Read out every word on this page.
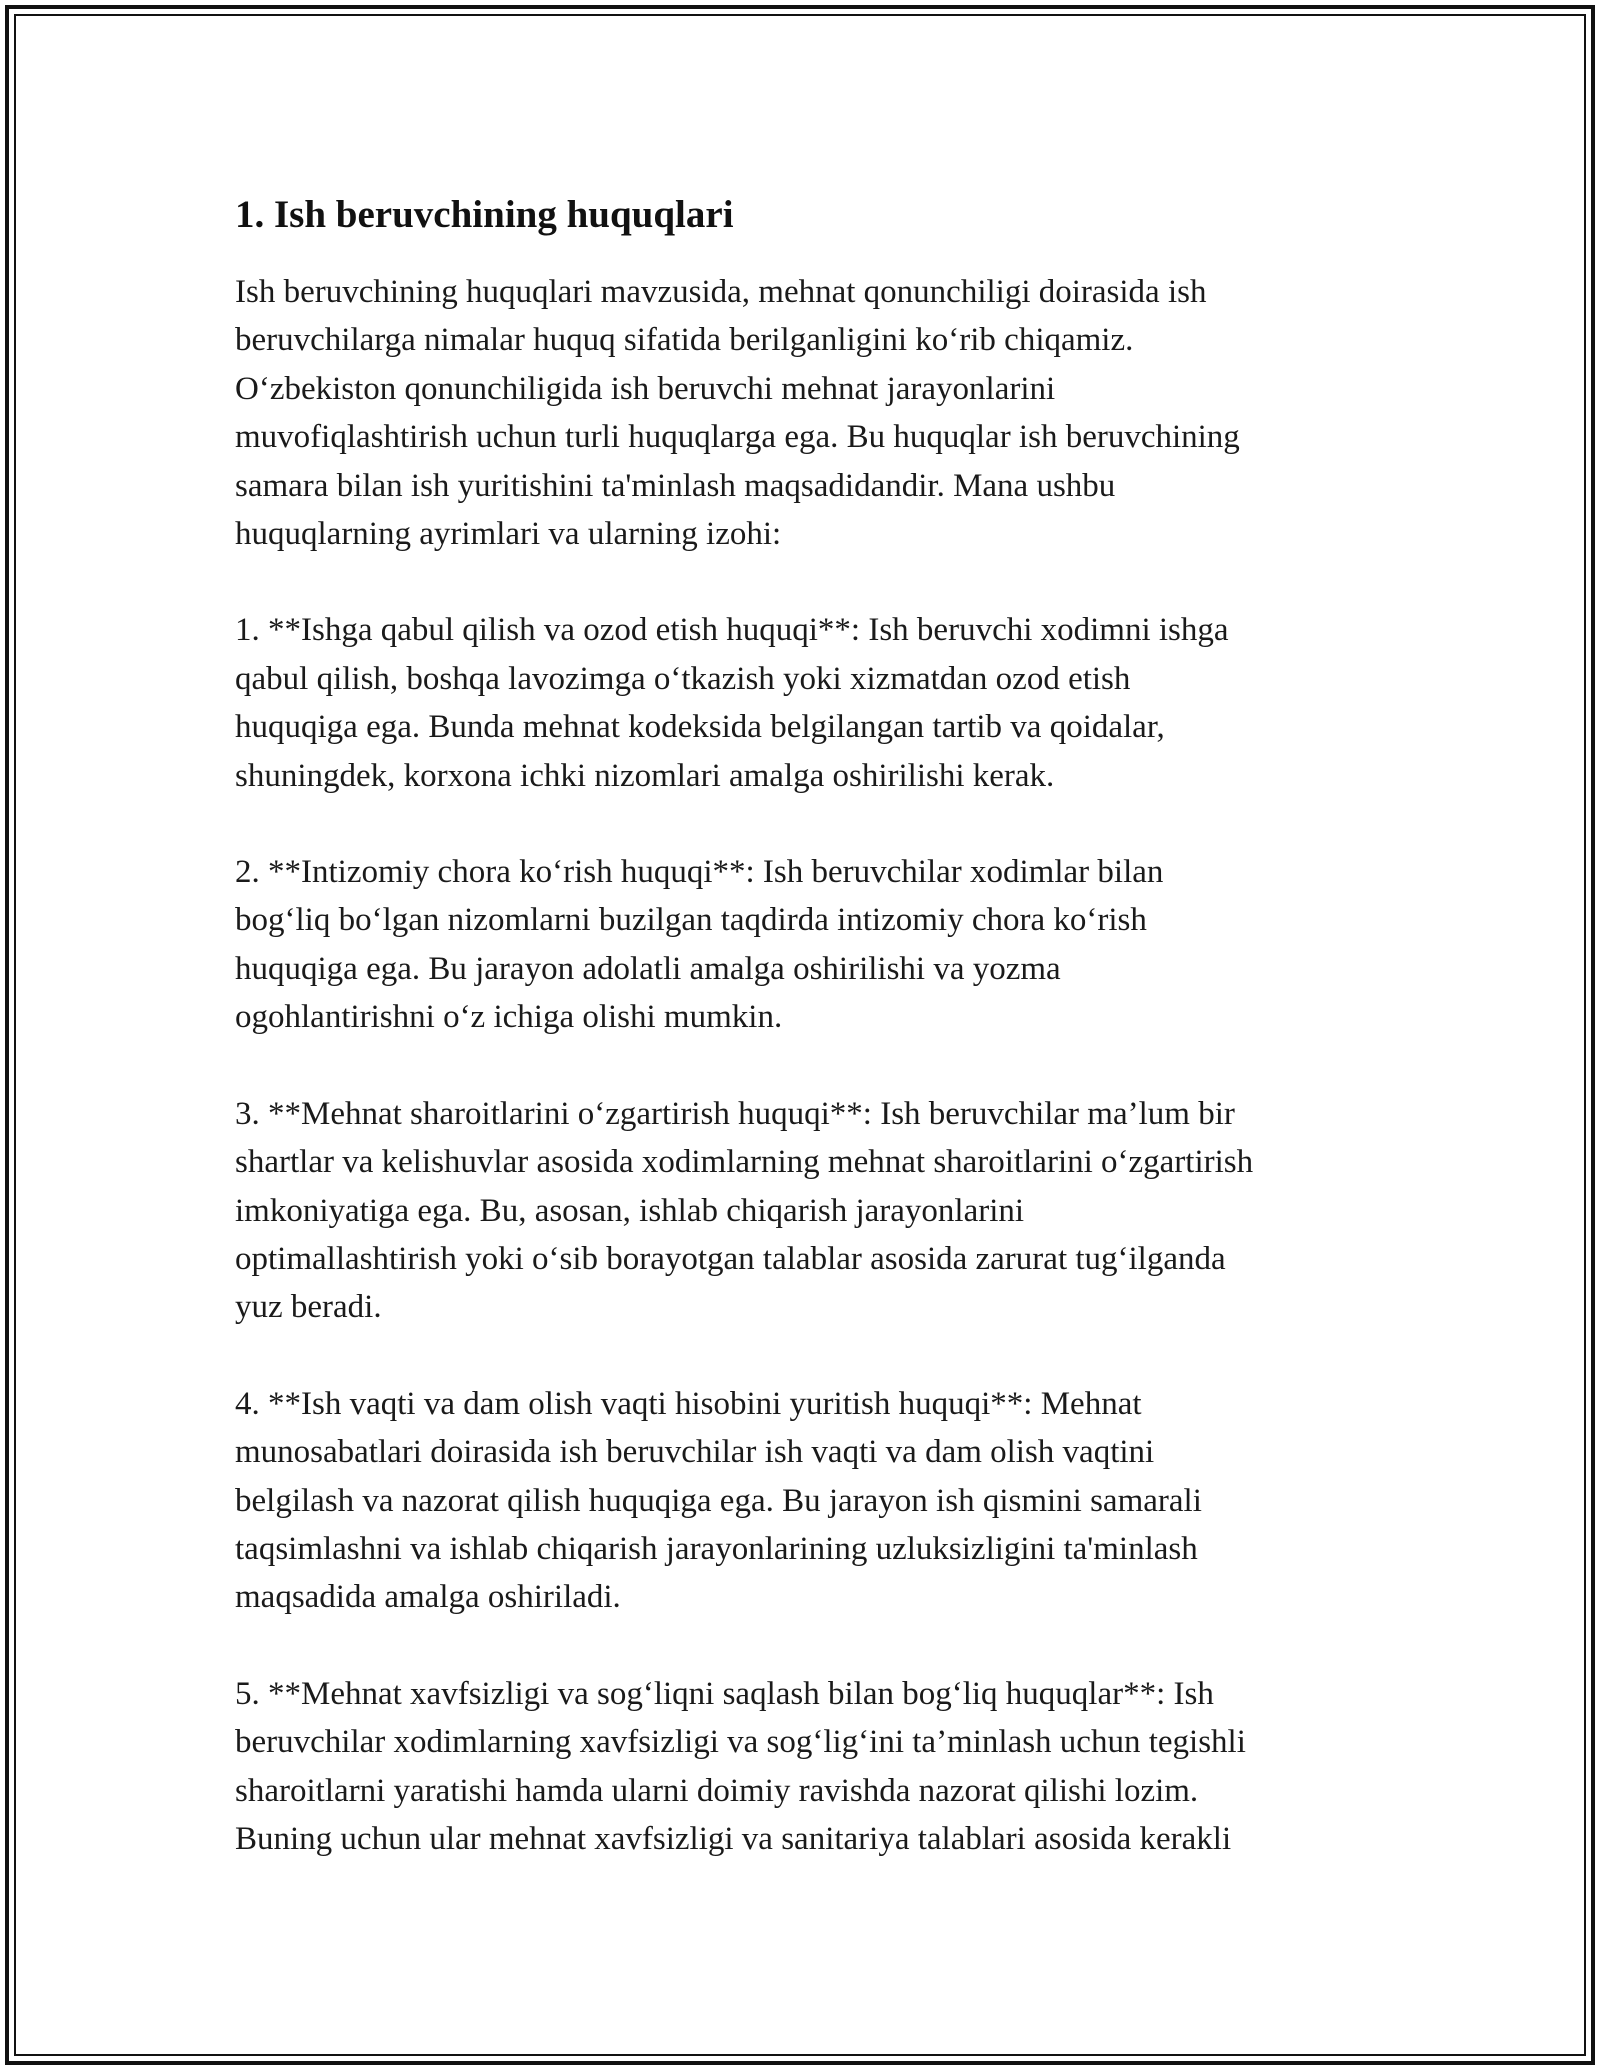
1. Ish beruvchining huquqlari

Ish beruvchining huquqlari mavzusida, mehnat qonunchiligi doirasida ish
beruvchilarga nimalar huquq sifatida berilganligini ko‘rib chiqamiz.
O‘zbekiston qonunchiligida ish beruvchi mehnat jarayonlarini
muvofiqlashtirish uchun turli huquqlarga ega. Bu huquqlar ish beruvchining
samara bilan ish yuritishini ta'minlash maqsadidandir. Mana ushbu
huquqlarning ayrimlari va ularning izohi:

1. **Ishga qabul qilish va ozod etish huquqi**: Ish beruvchi xodimni ishga
qabul qilish, boshqa lavozimga o‘tkazish yoki xizmatdan ozod etish
huquqiga ega. Bunda mehnat kodeksida belgilangan tartib va qoidalar,
shuningdek, korxona ichki nizomlari amalga oshirilishi kerak.

2. **Intizomiy chora ko‘rish huquqi**: Ish beruvchilar xodimlar bilan
bog‘liq bo‘lgan nizomlarni buzilgan taqdirda intizomiy chora ko‘rish
huquqiga ega. Bu jarayon adolatli amalga oshirilishi va yozma
ogohlantirishni o‘z ichiga olishi mumkin.

3. **Mehnat sharoitlarini o‘zgartirish huquqi**: Ish beruvchilar ma’lum bir
shartlar va kelishuvlar asosida xodimlarning mehnat sharoitlarini o‘zgartirish
imkoniyatiga ega. Bu, asosan, ishlab chiqarish jarayonlarini
optimallashtirish yoki o‘sib borayotgan talablar asosida zarurat tug‘ilganda
yuz beradi.

4. **Ish vaqti va dam olish vaqti hisobini yuritish huquqi**: Mehnat
munosabatlari doirasida ish beruvchilar ish vaqti va dam olish vaqtini
belgilash va nazorat qilish huquqiga ega. Bu jarayon ish qismini samarali
taqsimlashni va ishlab chiqarish jarayonlarining uzluksizligini ta'minlash
maqsadida amalga oshiriladi.

5. **Mehnat xavfsizligi va sog‘liqni saqlash bilan bog‘liq huquqlar**: Ish
beruvchilar xodimlarning xavfsizligi va sog‘lig‘ini ta’minlash uchun tegishli
sharoitlarni yaratishi hamda ularni doimiy ravishda nazorat qilishi lozim.
Buning uchun ular mehnat xavfsizligi va sanitariya talablari asosida kerakli
